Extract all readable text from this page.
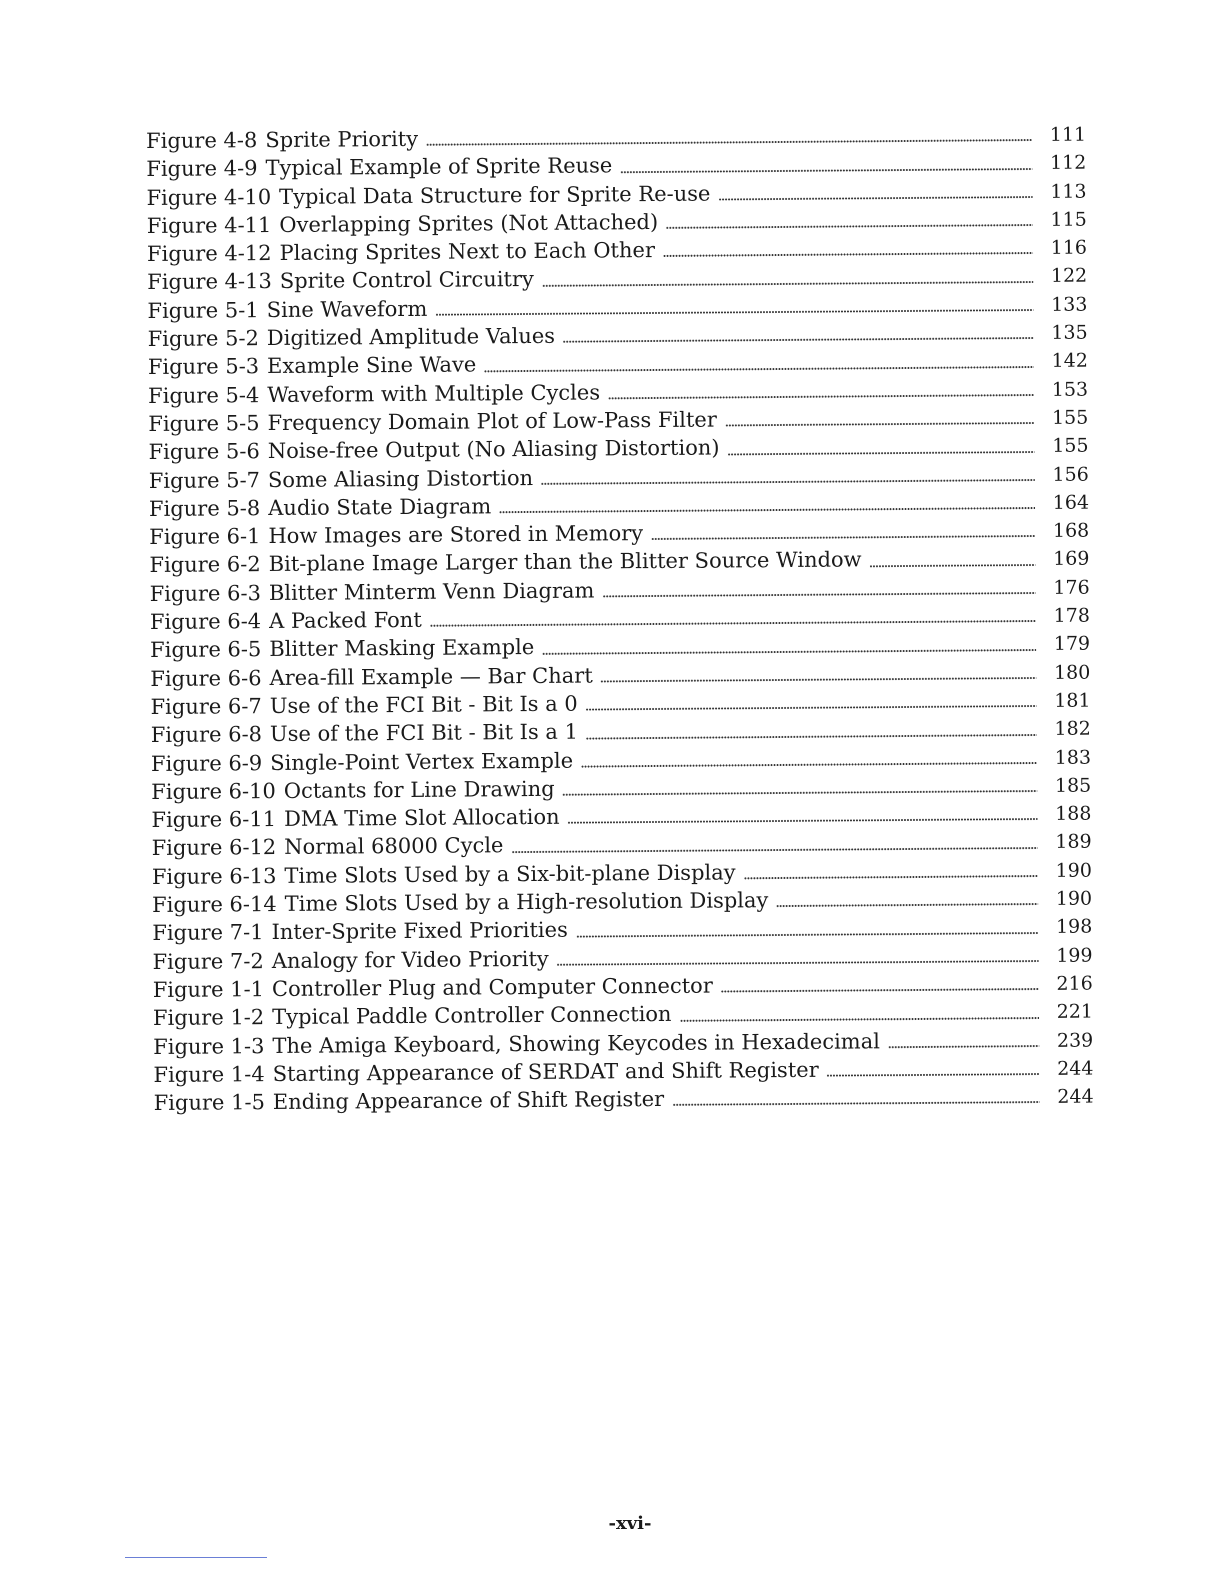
Figure 4-8 Sprite Priority	111
Figure 4-9 Typical Example of Sprite Reuse	112
Figure 4-10 Typical Data Structure for Sprite Re-use	113
Figure 4-11 Overlapping Sprites (Not Attached)	115
Figure 4-12 Placing Sprites Next to Each Other	116
Figure 4-13 Sprite Control Circuitry	122
Figure 5-1 Sine Waveform	133
Figure 5-2 Digitized Amplitude Values	135
Figure 5-3 Example Sine Wave	142
Figure 5-4 Waveform with Multiple Cycles	153
Figure 5-5 Frequency Domain Plot of Low-Pass Filter	155
Figure 5-6 Noise-free Output (No Aliasing Distortion)	155
Figure 5-7 Some Aliasing Distortion	156
Figure 5-8 Audio State Diagram	164
Figure 6-1 How Images are Stored in Memory	168
Figure 6-2 Bit-plane Image Larger than the Blitter Source Window	169
Figure 6-3 Blitter Minterm Venn Diagram	176
Figure 6-4 A Packed Font	178
Figure 6-5 Blitter Masking Example	179
Figure 6-6 Area-fill Example — Bar Chart	180
Figure 6-7 Use of the FCI Bit - Bit Is a 0	181
Figure 6-8 Use of the FCI Bit - Bit Is a 1	182
Figure 6-9 Single-Point Vertex Example	183
Figure 6-10 Octants for Line Drawing	185
Figure 6-11 DMA Time Slot Allocation	188
Figure 6-12 Normal 68000 Cycle	189
Figure 6-13 Time Slots Used by a Six-bit-plane Display	190
Figure 6-14 Time Slots Used by a High-resolution Display	190
Figure 7-1 Inter-Sprite Fixed Priorities	198
Figure 7-2 Analogy for Video Priority	199
Figure 1-1 Controller Plug and Computer Connector	216
Figure 1-2 Typical Paddle Controller Connection	221
Figure 1-3 The Amiga Keyboard, Showing Keycodes in Hexadecimal	239
Figure 1-4 Starting Appearance of SERDAT and Shift Register	244
Figure 1-5 Ending Appearance of Shift Register	244
-xvi-
